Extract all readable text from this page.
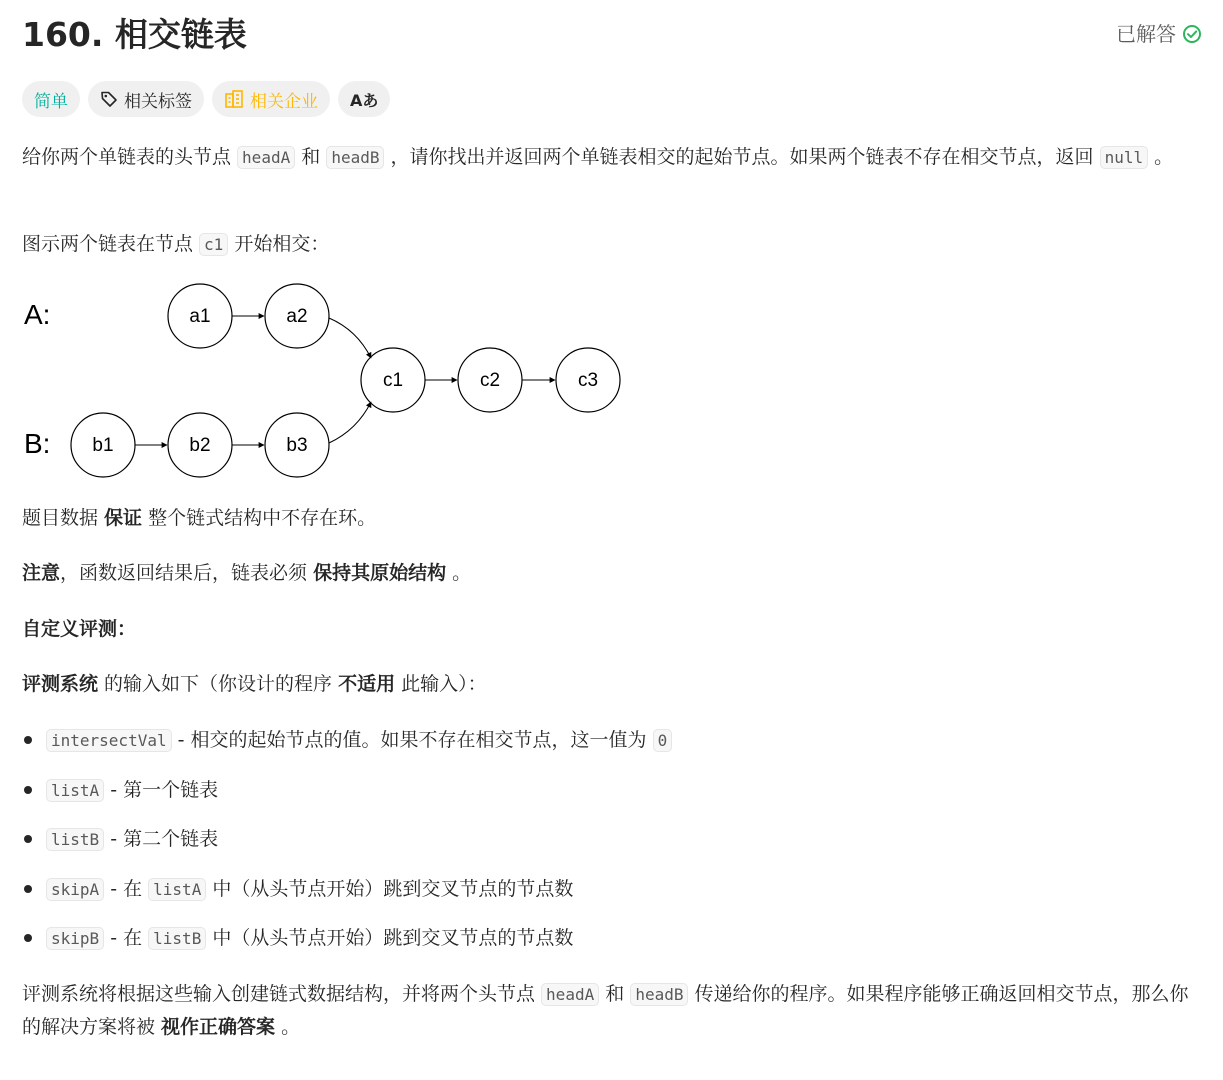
160. 相交链表	已解答
简单	相关标签	相关企业 Aあ
给你两个单链表的头节点 headA 和 headB ，请你找出并返回两个单链表相交的起始节点。如果两个链表不存在相交节点，返回 null 。
图示两个链表在节点 c1 开始相交：
A:
B:
a1	a2
c1	c2	c3
b1	b2	b3
题目数据 保证 整个链式结构中不存在环。
注意，函数返回结果后，链表必须 保持其原始结构 。
自定义评测：
评测系统 的输入如下（你设计的程序 不适用 此输入）：
intersectVal - 相交的起始节点的值。如果不存在相交节点，这一值为 0
listA - 第一个链表
listB - 第二个链表
skipA - 在 listA 中（从头节点开始）跳到交叉节点的节点数
skipB - 在 listB 中（从头节点开始）跳到交叉节点的节点数
评测系统将根据这些输入创建链式数据结构，并将两个头节点 headA 和 headB 传递给你的程序。如果程序能够正确返回相交节点，那么你的解决方案将被 视作正确答案 。
